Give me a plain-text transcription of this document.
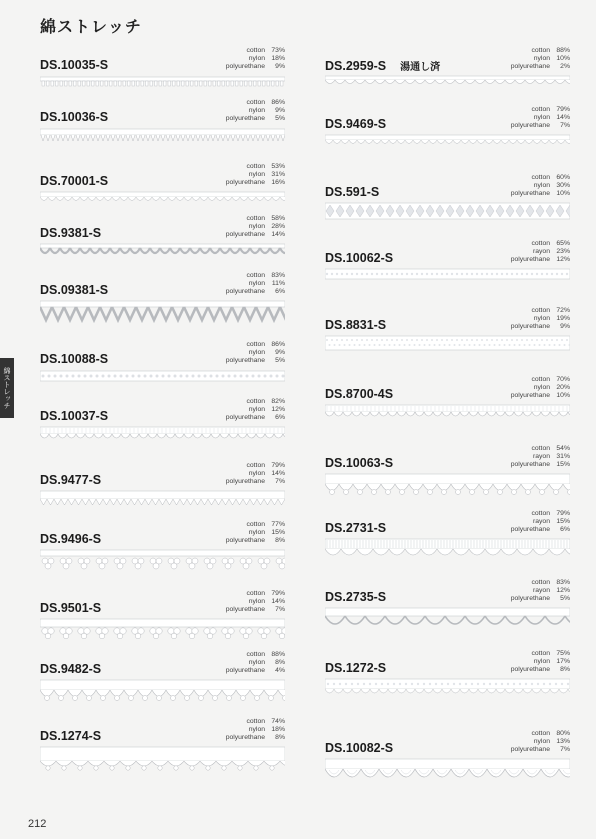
綿ストレッチ
綿ストレッチ
212
cotton 73%
nylon 18%
polyurethane 9%
DS.10035-S
cotton 86%
nylon 9%
polyurethane 5%
DS.10036-S
cotton 53%
nylon 31%
polyurethane 16%
DS.70001-S
cotton 58%
nylon 28%
polyurethane 14%
DS.9381-S
cotton 83%
nylon 11%
polyurethane 6%
DS.09381-S
cotton 86%
nylon 9%
polyurethane 5%
DS.10088-S
cotton 82%
nylon 12%
polyurethane 6%
DS.10037-S
cotton 79%
nylon 14%
polyurethane 7%
DS.9477-S
cotton 77%
nylon 15%
polyurethane 8%
DS.9496-S
cotton 79%
nylon 14%
polyurethane 7%
DS.9501-S
cotton 88%
nylon 8%
polyurethane 4%
DS.9482-S
cotton 74%
nylon 18%
polyurethane 8%
DS.1274-S
cotton 88%
nylon 10%
polyurethane 2%
DS.2959-S 湯通し済
cotton 79%
nylon 14%
polyurethane 7%
DS.9469-S
cotton 60%
nylon 30%
polyurethane 10%
DS.591-S
cotton 65%
rayon 23%
polyurethane 12%
DS.10062-S
cotton 72%
nylon 19%
polyurethane 9%
DS.8831-S
cotton 70%
nylon 20%
polyurethane 10%
DS.8700-4S
cotton 54%
rayon 31%
polyurethane 15%
DS.10063-S
cotton 79%
rayon 15%
polyurethane 6%
DS.2731-S
cotton 83%
rayon 12%
polyurethane 5%
DS.2735-S
cotton 75%
nylon 17%
polyurethane 8%
DS.1272-S
cotton 80%
nylon 13%
polyurethane 7%
DS.10082-S
